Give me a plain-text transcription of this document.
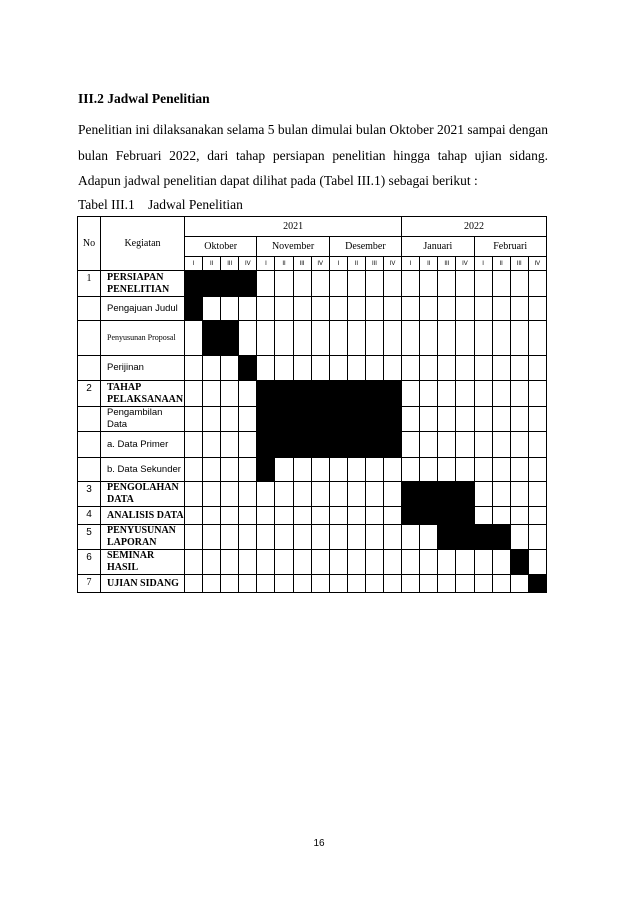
III.2 Jadwal Penelitian
Penelitian ini dilaksanakan selama 5 bulan dimulai bulan Oktober 2021 sampai dengan bulan Februari 2022, dari tahap persiapan penelitian hingga tahap ujian sidang. Adapun jadwal penelitian dapat dilihat pada (Tabel III.1) sebagai berikut :
Tabel III.1 Jadwal Penelitian
No	Kegiatan	2021												2022							
		Oktober				November				Desember				Januari				Februari			
		I	II	III	IV	I	II	III	IV	I	II	III	IV	I	II	III	IV	I	II	III	IV
1	PERSIAPAN PENELITIAN																				
	Pengajuan Judul																				
	Penyusunan Proposal																				
	Perijinan																				
2	TAHAP PELAKSANAAN																				
	Pengambilan Data																				
	a. Data Primer																				
	b. Data Sekunder																				
3	PENGOLAHAN DATA																				
4	ANALISIS DATA																				
5	PENYUSUNAN LAPORAN																				
6	SEMINAR HASIL																				
7	UJIAN SIDANG																				
16
